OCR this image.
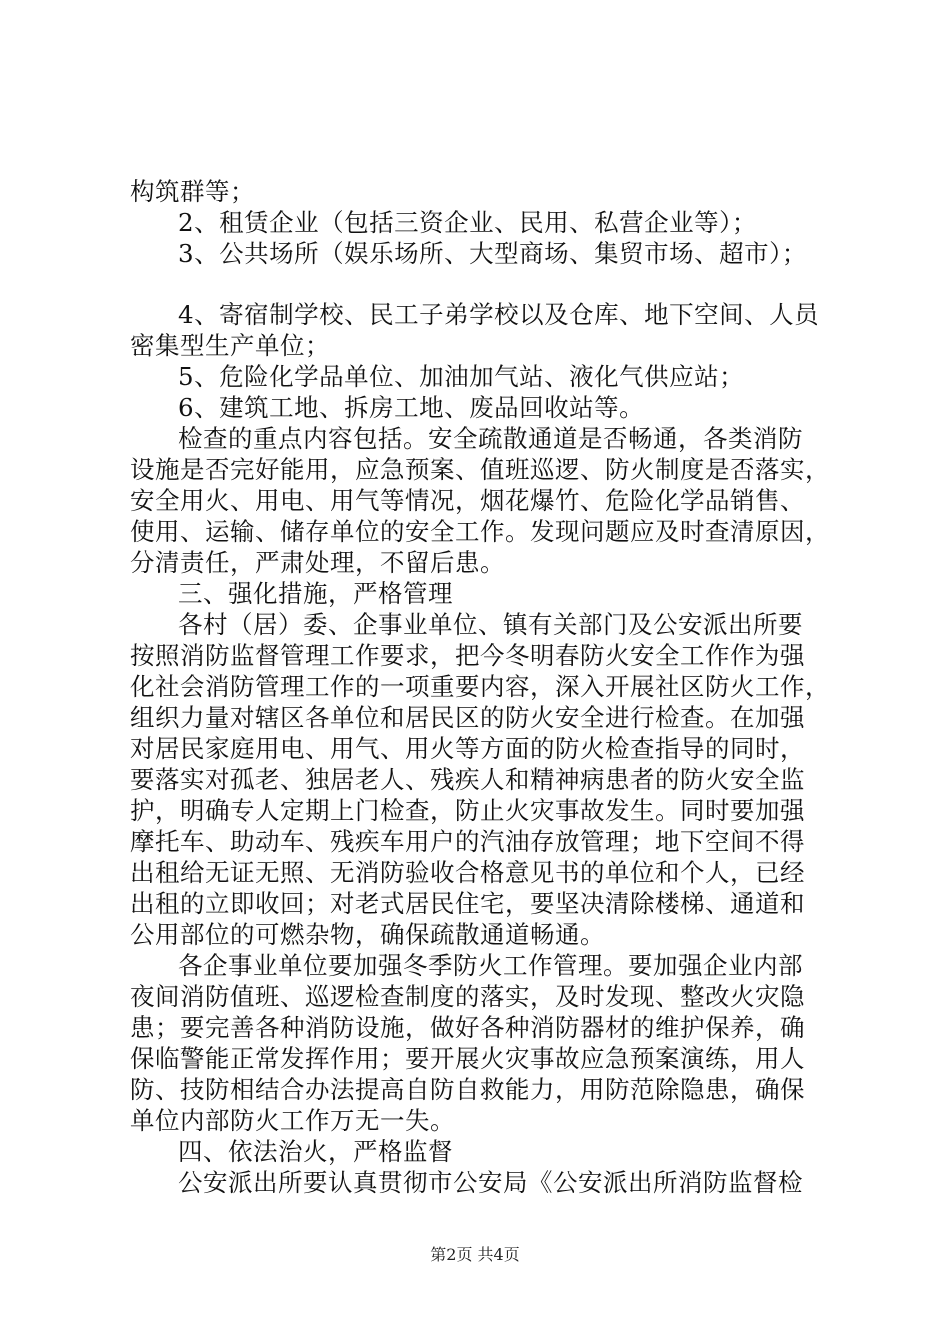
构筑群等；
2、租赁企业（包括三资企业、民用、私营企业等）；
3、公共场所（娱乐场所、大型商场、集贸市场、超市）；
4、寄宿制学校、民工子弟学校以及仓库、地下空间、人员
密集型生产单位；
5、危险化学品单位、加油加气站、液化气供应站；
6、建筑工地、拆房工地、废品回收站等。
检查的重点内容包括。安全疏散通道是否畅通，各类消防
设施是否完好能用，应急预案、值班巡逻、防火制度是否落实，
安全用火、用电、用气等情况，烟花爆竹、危险化学品销售、
使用、运输、储存单位的安全工作。发现问题应及时查清原因，
分清责任，严肃处理，不留后患。
三、强化措施，严格管理
各村（居）委、企事业单位、镇有关部门及公安派出所要
按照消防监督管理工作要求，把今冬明春防火安全工作作为强
化社会消防管理工作的一项重要内容，深入开展社区防火工作，
组织力量对辖区各单位和居民区的防火安全进行检查。在加强
对居民家庭用电、用气、用火等方面的防火检查指导的同时，
要落实对孤老、独居老人、残疾人和精神病患者的防火安全监
护，明确专人定期上门检查，防止火灾事故发生。同时要加强
摩托车、助动车、残疾车用户的汽油存放管理；地下空间不得
出租给无证无照、无消防验收合格意见书的单位和个人，已经
出租的立即收回；对老式居民住宅，要坚决清除楼梯、通道和
公用部位的可燃杂物，确保疏散通道畅通。
各企事业单位要加强冬季防火工作管理。要加强企业内部
夜间消防值班、巡逻检查制度的落实，及时发现、整改火灾隐
患；要完善各种消防设施，做好各种消防器材的维护保养，确
保临警能正常发挥作用；要开展火灾事故应急预案演练，用人
防、技防相结合办法提高自防自救能力，用防范除隐患，确保
单位内部防火工作万无一失。
四、依法治火，严格监督
公安派出所要认真贯彻市公安局《公安派出所消防监督检
第2页 共4页
